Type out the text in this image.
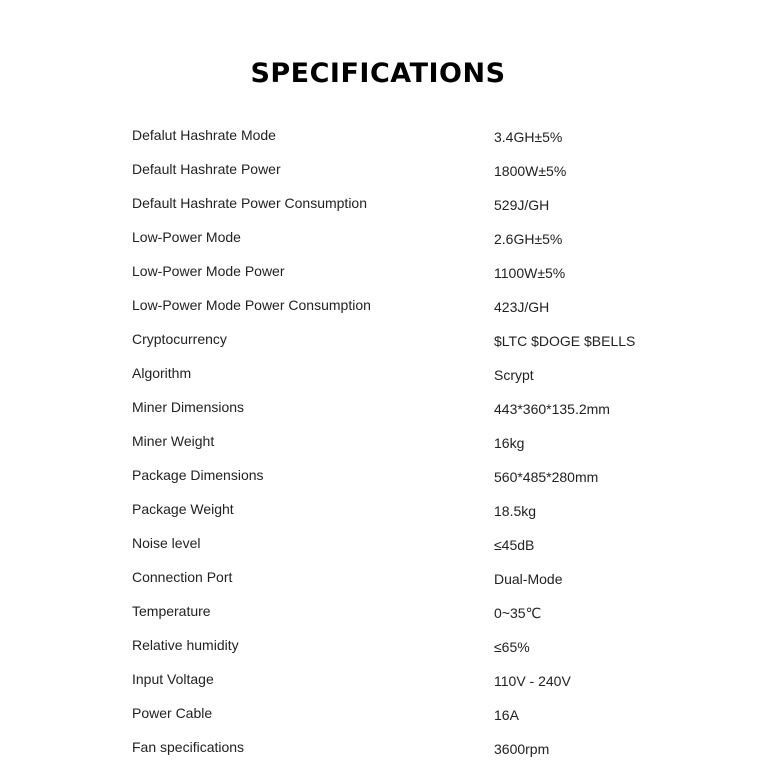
SPECIFICATIONS
Defalut Hashrate Mode	3.4GH±5%
Default Hashrate Power	1800W±5%
Default Hashrate Power Consumption	529J/GH
Low-Power Mode	2.6GH±5%
Low-Power Mode Power	1100W±5%
Low-Power Mode Power Consumption	423J/GH
Cryptocurrency	$LTC $DOGE $BELLS
Algorithm	Scrypt
Miner Dimensions	443*360*135.2mm
Miner Weight	16kg
Package Dimensions	560*485*280mm
Package Weight	18.5kg
Noise level	≤45dB
Connection Port	Dual-Mode
Temperature	0~35℃
Relative humidity	≤65%
Input Voltage	110V - 240V
Power Cable	16A
Fan specifications	3600rpm
